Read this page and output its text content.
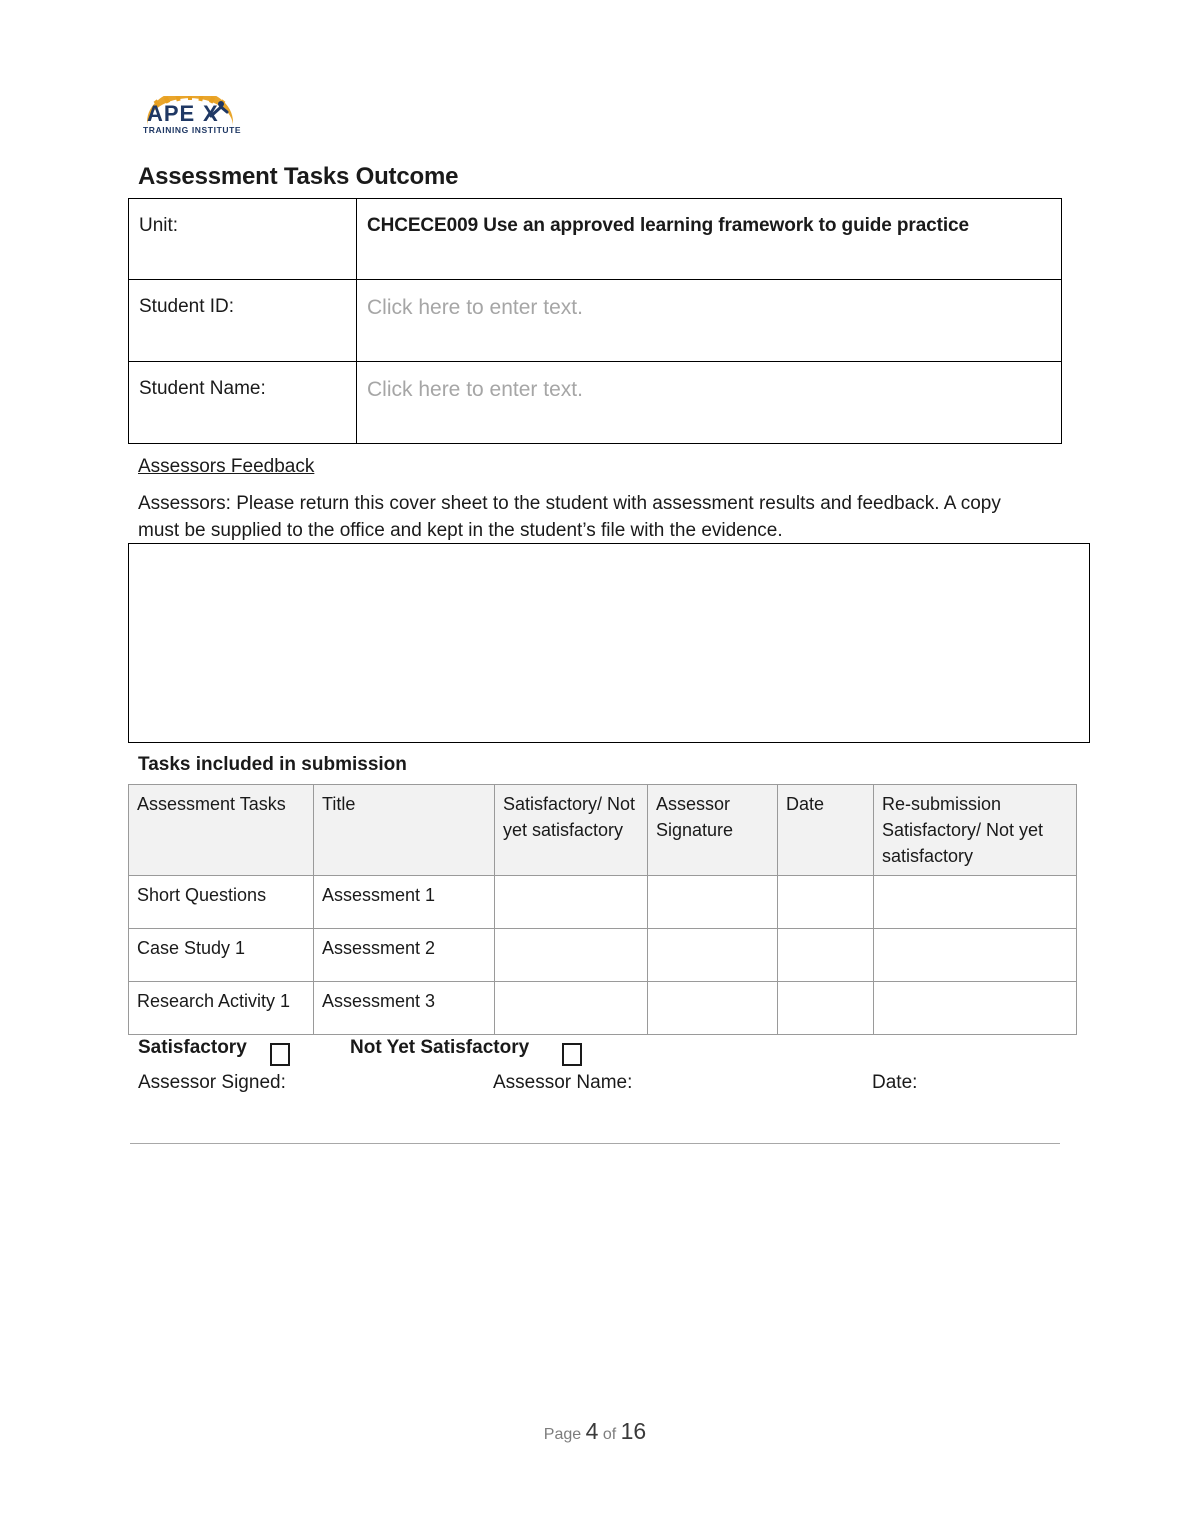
APE X
TRAINING INSTITUTE
Assessment Tasks Outcome
Unit:	CHCECE009 Use an approved learning framework to guide practice
Student ID:	Click here to enter text.
Student Name:	Click here to enter text.
Assessors Feedback
Assessors: Please return this cover sheet to the student with assessment results and feedback. A copy must be supplied to the office and kept in the student’s file with the evidence.
Tasks included in submission
Assessment Tasks	Title	Satisfactory/ Not yet satisfactory	Assessor Signature	Date	Re-submission Satisfactory/ Not yet satisfactory
Short Questions	Assessment 1				
Case Study 1	Assessment 2				
Research Activity 1	Assessment 3				
Satisfactory	Not Yet Satisfactory
Assessor Signed:	Assessor Name:	Date:
Page 4 of 16
